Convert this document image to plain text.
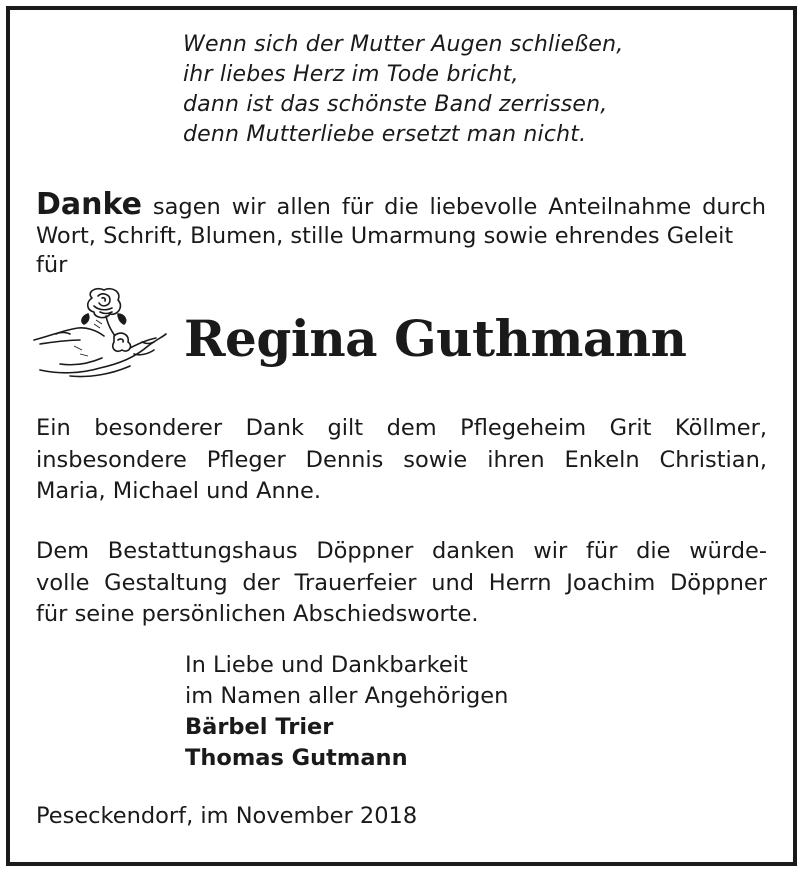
Wenn sich der Mutter Augen schließen,
ihr liebes Herz im Tode bricht,
dann ist das schönste Band zerrissen,
denn Mutterliebe ersetzt man nicht.
Danke sagen wir allen für die liebevolle Anteilnahme durch Wort, Schrift, Blumen, stille Umarmung sowie ehrendes Geleit
für
Regina Guthmann
Ein besonderer Dank gilt dem Pflegeheim Grit Köllmer,
insbesondere Pfleger Dennis sowie ihren Enkeln Christian,
Maria, Michael und Anne.
Dem Bestattungshaus Döppner danken wir für die würde-
volle Gestaltung der Trauerfeier und Herrn Joachim Döppner
für seine persönlichen Abschiedsworte.
In Liebe und Dankbarkeit
im Namen aller Angehörigen
Bärbel Trier
Thomas Gutmann
Peseckendorf, im November 2018
